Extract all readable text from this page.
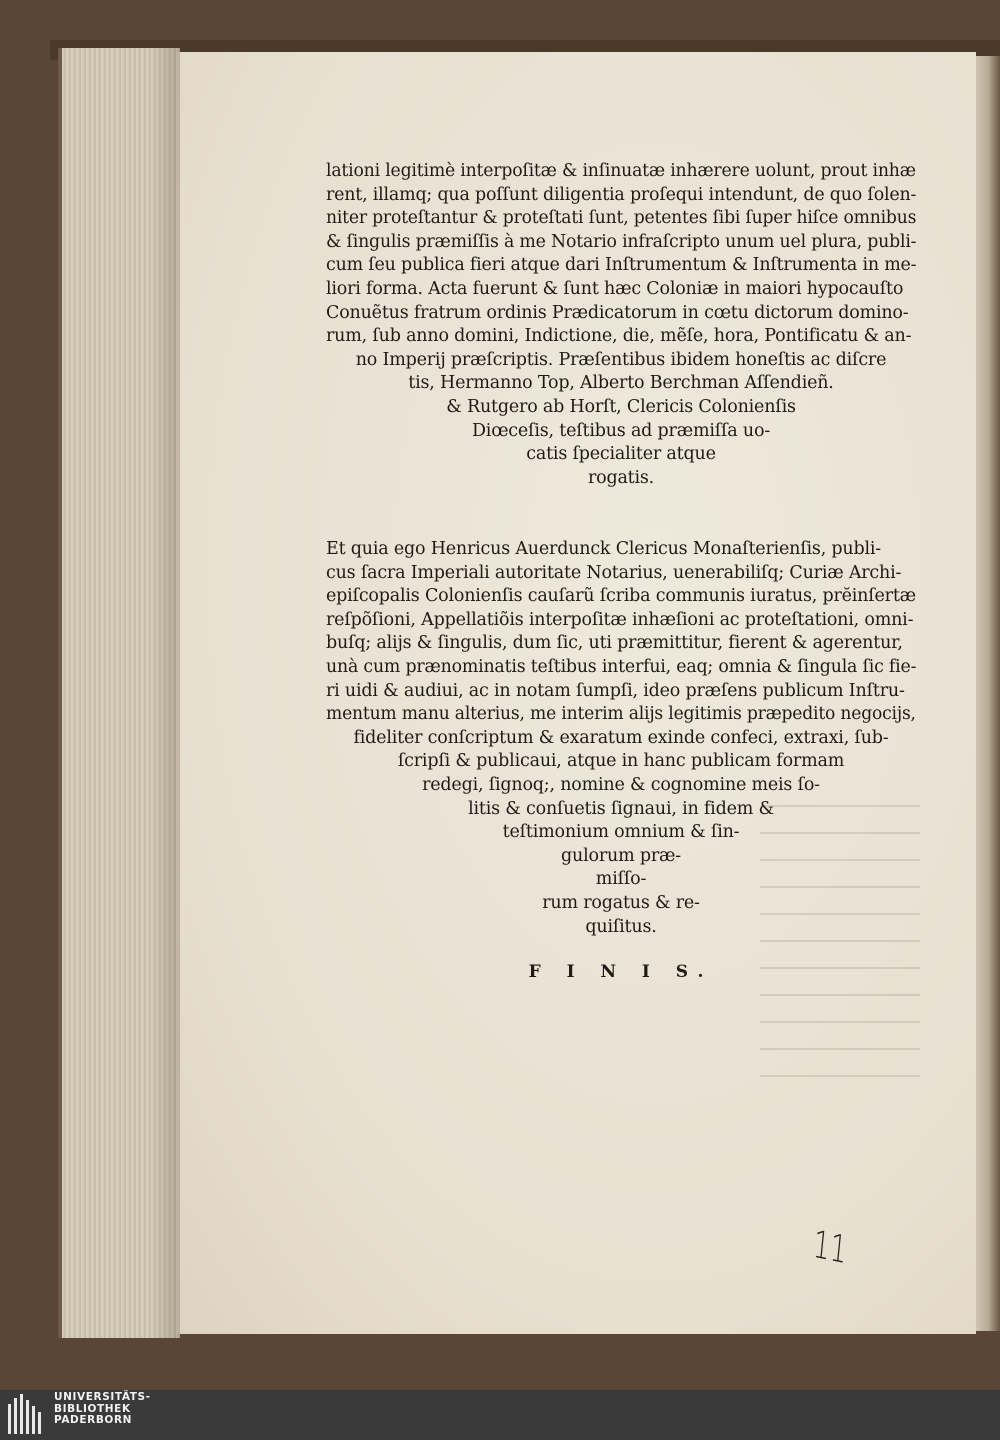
lationi legitimè interpoſitæ & inſinuatæ inhærere uolunt, prout inhæ
rent, illamq; qua poſſunt diligentia proſequi intendunt, de quo ſolen-
niter proteſtantur & proteſtati ſunt, petentes ſibi ſuper hiſce omnibus
& ſingulis præmiſſis à me Notario infraſcripto unum uel plura, publi-
cum ſeu publica fieri atque dari Inſtrumentum & Inſtrumenta in me-
liori forma. Acta fuerunt & ſunt hæc Coloniæ in maiori hypocauſto
Conuẽtus fratrum ordinis Prædicatorum in cœtu dictorum domino-
rum, ſub anno domini, Indictione, die, mẽſe, hora, Pontificatu & an-
no Imperij præſcriptis. Præſentibus ibidem honeſtis ac diſcre
tis, Hermanno Top, Alberto Berchman Aſſendieñ.
& Rutgero ab Horſt, Clericis Colonienſis
Diœceſis, teſtibus ad præmiſſa uo-
catis ſpecialiter atque
rogatis.
Et quia ego Henricus Auerdunck Clericus Monaſterienſis, publi-
cus ſacra Imperiali autoritate Notarius, uenerabiliſq; Curiæ Archi-
epiſcopalis Colonienſis cauſarũ ſcriba communis iuratus, prĕinſertæ
reſpõſioni, Appellatiõis interpoſitæ inhæſioni ac proteſtationi, omni-
buſq; alijs & ſingulis, dum ſic, uti præmittitur, fierent & agerentur,
unà cum prænominatis teſtibus interfui, eaq; omnia & ſingula ſic fie-
ri uidi & audiui, ac in notam ſumpſi, ideo præſens publicum Inſtru-
mentum manu alterius, me interim alijs legitimis præpedito negocijs,
fideliter conſcriptum & exaratum exinde confeci, extraxi, ſub-
ſcripſi & publicaui, atque in hanc publicam formam
redegi, ſignoq;, nomine & cognomine meis ſo-
litis & conſuetis ſignaui, in fidem &
teſtimonium omnium & ſin-
gulorum præ-
miſſo-
rum rogatus & re-
quiſitus.
F I N I S.
11
UNIVERSITÄTS-
BIBLIOTHEK
PADERBORN
